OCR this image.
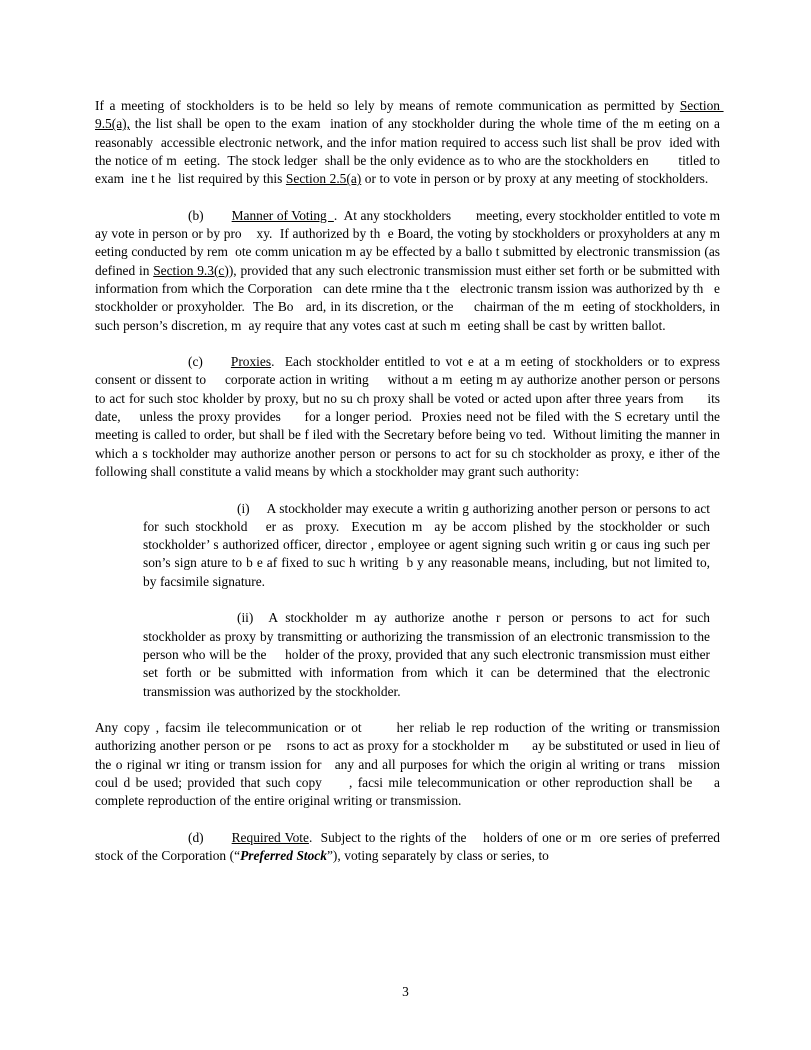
If a meeting of stockholders is to be held so lely by means of remote communication as permitted by Section 9.5(a), the list shall be open to the exam  ination of any stockholder during the whole time of the m eeting on a reasonably  accessible electronic network, and the infor mation required to access such list shall be prov  ided with the notice of m  eeting.  The stock ledger  shall be the only evidence as to who are the stockholders en        titled to exam  ine t he  list required by this Section 2.5(a) or to vote in person or by proxy at any meeting of stockholders.

(b) Manner of Voting  .  At any stockholders       meeting, every stockholder entitled to vote m  ay vote in person or by pro    xy.  If authorized by th  e Board, the voting by stockholders or proxyholders at any m     eeting conducted by rem  ote comm unication m ay be effected by a ballo t submitted by electronic transmission (as defined in Section 9.3(c)), provided that any such electronic transmission must either set forth or be submitted with information from which the Corporation   can dete rmine tha t the   electronic transm ission was authorized by th   e stockholder or proxyholder.  The Bo   ard, in its discretion, or the     chairman of the m  eeting of stockholders, in such person’s discretion, m  ay require that any votes cast at such m  eeting shall be cast by written ballot.

(c) Proxies.  Each stockholder entitled to vot e at a m eeting of stockholders or to express consent or dissent to     corporate action in writing     without a m  eeting m ay authorize another person or persons to act for such stoc kholder by proxy, but no su ch proxy shall be voted or acted upon after three years from      its date,    unless the proxy provides     for a longer period.  Proxies need not be filed with the S ecretary until the meeting is called to order, but shall be f iled with the Secretary before being vo ted.  Without limiting the manner in which a s tockholder may authorize another person or persons to act for su ch stockholder as proxy, e ither of the following shall constitute a valid means by which a stockholder may grant such authority:

(i) A stockholder may execute a writin g authorizing another person or persons to act for such stockhold   er as  proxy.  Execution m  ay be accom plished by the stockholder or such stockholder’ s authorized officer, director , employee or agent signing such writin g or caus ing such per son’s sign ature to b e af fixed to suc h writing  b y any reasonable means, including, but not limited to, by facsimile signature.

(ii) A stockholder m ay authorize anothe r person or persons to act for such stockholder as proxy by transmitting or authorizing the transmission of an electronic transmission to the person who will be the     holder of the proxy, provided that any such electronic transmission must either set forth or be submitted with information from which it can be determined that the electronic transmission was authorized by the stockholder.

Any copy , facsim ile telecommunication or ot      her reliab le rep roduction of the writing or transmission authorizing another person or pe    rsons to act as proxy for a stockholder m      ay be substituted or used in lieu of    the o riginal wr iting or transm ission for   any and all purposes for which the origin al writing or trans   mission coul d be used; provided that such copy     , facsi mile telecommunication or other reproduction shall be    a complete reproduction of the entire original writing or transmission.

(d) Required Vote.  Subject to the rights of the    holders of one or m  ore series of preferred stock of the Corporation (“Preferred Stock”), voting separately by class or series, to

3
